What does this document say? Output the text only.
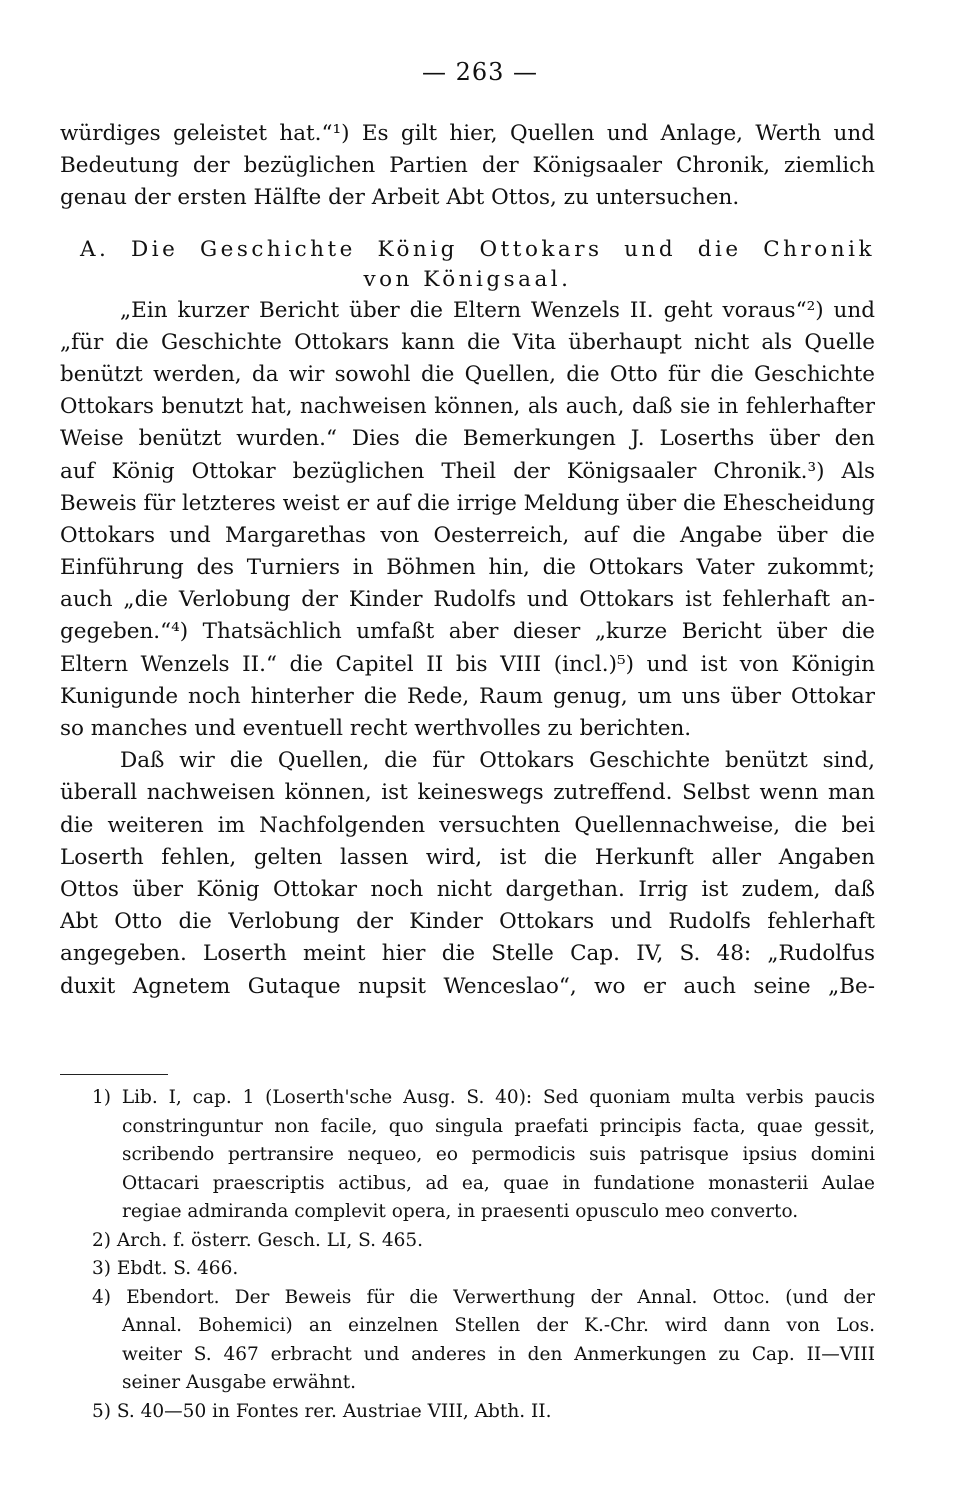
— 263 —
würdiges geleistet hat.“¹) Es gilt hier, Quellen und Anlage, Werth und
Bedeutung der bezüglichen Partien der Königsaaler Chronik, ziemlich
genau der ersten Hälfte der Arbeit Abt Ottos, zu untersuchen.
A. Die Geschichte König Ottokars und die Chronik
von Königsaal.
„Ein kurzer Bericht über die Eltern Wenzels II. geht voraus“²) und
„für die Geschichte Ottokars kann die Vita überhaupt nicht als Quelle
benützt werden, da wir sowohl die Quellen, die Otto für die Geschichte
Ottokars benutzt hat, nachweisen können, als auch, daß sie in fehlerhafter
Weise benützt wurden.“ Dies die Bemerkungen J. Loserths über den
auf König Ottokar bezüglichen Theil der Königsaaler Chronik.³) Als
Beweis für letzteres weist er auf die irrige Meldung über die Ehescheidung
Ottokars und Margarethas von Oesterreich, auf die Angabe über die
Einführung des Turniers in Böhmen hin, die Ottokars Vater zukommt;
auch „die Verlobung der Kinder Rudolfs und Ottokars ist fehlerhaft an-
gegeben.“⁴) Thatsächlich umfaßt aber dieser „kurze Bericht über die
Eltern Wenzels II.“ die Capitel II bis VIII (incl.)⁵) und ist von Königin
Kunigunde noch hinterher die Rede, Raum genug, um uns über Ottokar
so manches und eventuell recht werthvolles zu berichten.
Daß wir die Quellen, die für Ottokars Geschichte benützt sind,
überall nachweisen können, ist keineswegs zutreffend. Selbst wenn man
die weiteren im Nachfolgenden versuchten Quellennachweise, die bei
Loserth fehlen, gelten lassen wird, ist die Herkunft aller Angaben
Ottos über König Ottokar noch nicht dargethan. Irrig ist zudem, daß
Abt Otto die Verlobung der Kinder Ottokars und Rudolfs fehlerhaft
angegeben. Loserth meint hier die Stelle Cap. IV, S. 48: „Rudolfus
duxit Agnetem Gutaque nupsit Wenceslao“, wo er auch seine „Be-
1) Lib. I, cap. 1 (Loserth'sche Ausg. S. 40): Sed quoniam multa verbis paucis
constringuntur non facile, quo singula praefati principis facta, quae gessit,
scribendo pertransire nequeo, eo permodicis suis patrisque ipsius domini
Ottacari praescriptis actibus, ad ea, quae in fundatione monasterii Aulae
regiae admiranda complevit opera, in praesenti opusculo meo converto.
2) Arch. f. österr. Gesch. LI, S. 465.
3) Ebdt. S. 466.
4) Ebendort. Der Beweis für die Verwerthung der Annal. Ottoc. (und der
Annal. Bohemici) an einzelnen Stellen der K.-Chr. wird dann von Los.
weiter S. 467 erbracht und anderes in den Anmerkungen zu Cap. II—VIII
seiner Ausgabe erwähnt.
5) S. 40—50 in Fontes rer. Austriae VIII, Abth. II.
